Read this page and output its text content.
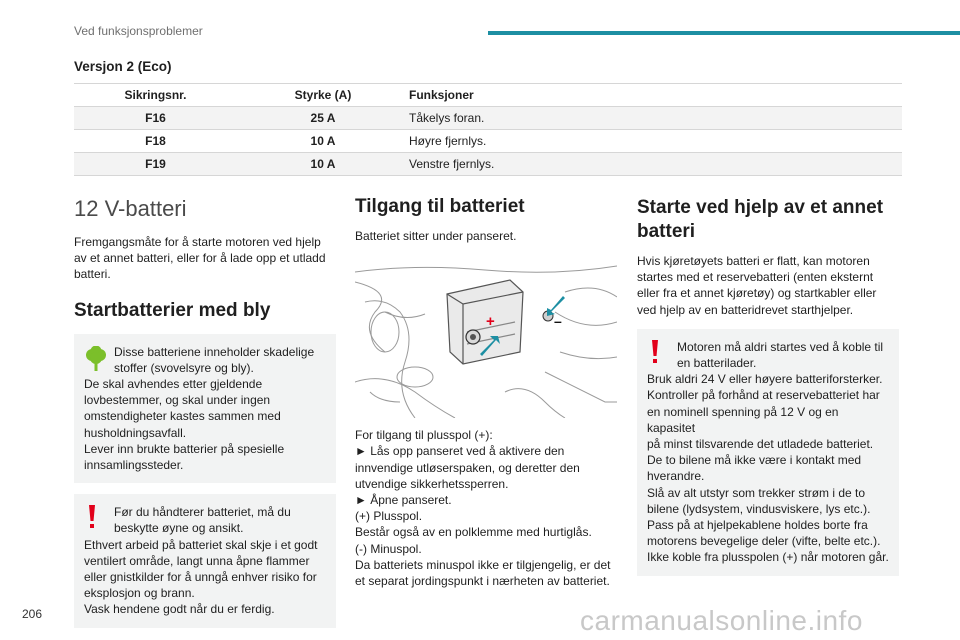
Ved funksjonsproblemer
Versjon 2 (Eco)
Sikringsnr.	Styrke (A)	Funksjoner
F16	25 A	Tåkelys foran.
F18	10 A	Høyre fjernlys.
F19	10 A	Venstre fjernlys.
12 V-batteri

Fremgangsmåte for å starte motoren ved hjelp av et annet batteri, eller for å lade opp et utladd batteri.

Startbatterier med bly
Disse batteriene inneholder skadelige
stoffer (svovelsyre og bly).
De skal avhendes etter gjeldende
lovbestemmer, og skal under ingen
omstendigheter kastes sammen med
husholdningsavfall.
Lever inn brukte batterier på spesielle
innsamlingssteder.
Før du håndterer batteriet, må du
beskytte øyne og ansikt.
Ethvert arbeid på batteriet skal skje i et godt
ventilert område, langt unna åpne flammer
eller gnistkilder for å unngå enhver risiko for
eksplosjon og brann.
Vask hendene godt når du er ferdig.
Tilgang til batteriet

Batteriet sitter under panseret.

+	–

For tilgang til plusspol (+):

► Lås opp panseret ved å aktivere den

innvendige utløserspaken, og deretter den

utvendige sikkerhetssperren.

► Åpne panseret.

(+) Plusspol.

Består også av en polklemme med hurtiglås.

(-) Minuspol.

Da batteriets minuspol ikke er tilgjengelig, er det

et separat jordingspunkt i nærheten av batteriet.

Starte ved hjelp av et annet batteri

Hvis kjøretøyets batteri er flatt, kan motoren startes med et reservebatteri (enten eksternt eller fra et annet kjøretøy) og startkabler eller ved hjelp av en batteridrevet starthjelper.

Motoren må aldri startes ved å koble til
en batterilader.
Bruk aldri 24 V eller høyere batteriforsterker.
Kontroller på forhånd at reservebatteriet har
en nominell spenning på 12 V og en kapasitet
på minst tilsvarende det utladede batteriet.
De to bilene må ikke være i kontakt med
hverandre.
Slå av alt utstyr som trekker strøm i de to
bilene (lydsystem, vindusviskere, lys etc.).
Pass på at hjelpekablene holdes borte fra
motorens bevegelige deler (vifte, belte etc.).
Ikke koble fra plusspolen (+) når motoren går.
206	carmanualsonline.info
